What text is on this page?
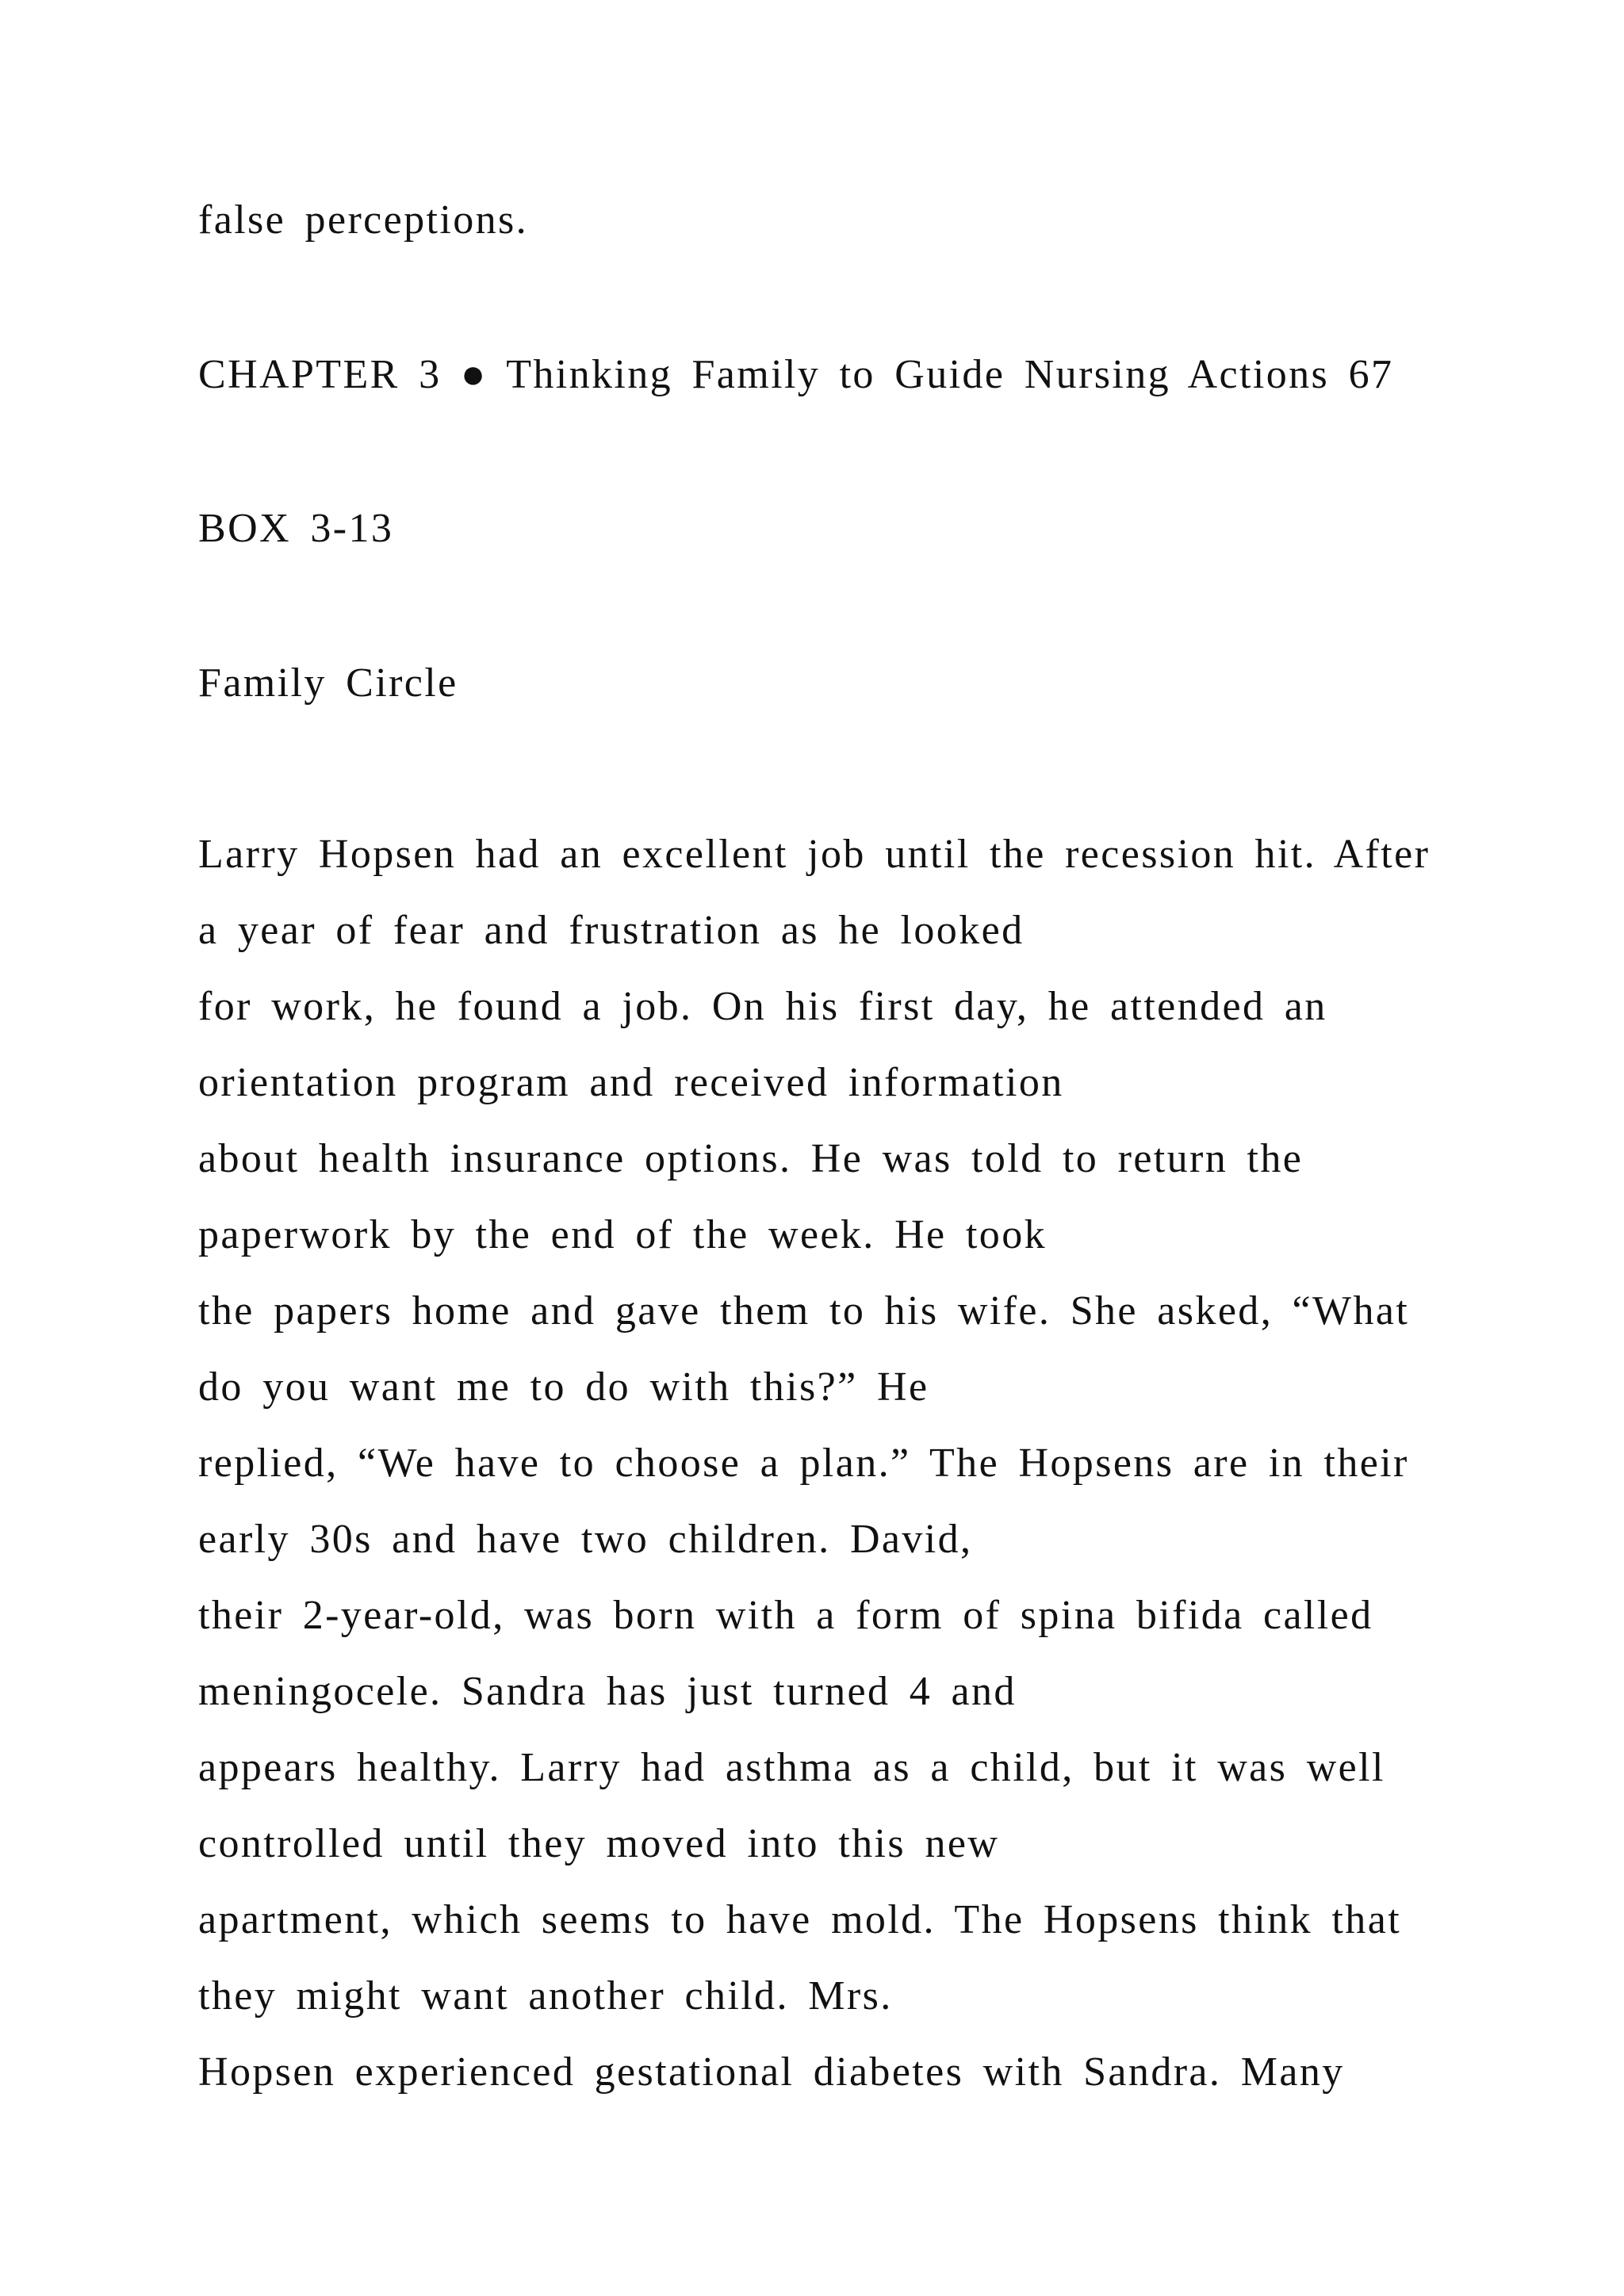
false perceptions.
CHAPTER 3 ● Thinking Family to Guide Nursing Actions 67
BOX 3-13
Family Circle
Larry Hopsen had an excellent job until the recession hit. After
a year of fear and frustration as he looked
for work, he found a job. On his first day, he attended an
orientation program and received information
about health insurance options. He was told to return the
paperwork by the end of the week. He took
the papers home and gave them to his wife. She asked, “What
do you want me to do with this?” He
replied, “We have to choose a plan.” The Hopsens are in their
early 30s and have two children. David,
their 2-year-old, was born with a form of spina bifida called
meningocele. Sandra has just turned 4 and
appears healthy. Larry had asthma as a child, but it was well
controlled until they moved into this new
apartment, which seems to have mold. The Hopsens think that
they might want another child. Mrs.
Hopsen experienced gestational diabetes with Sandra. Many
